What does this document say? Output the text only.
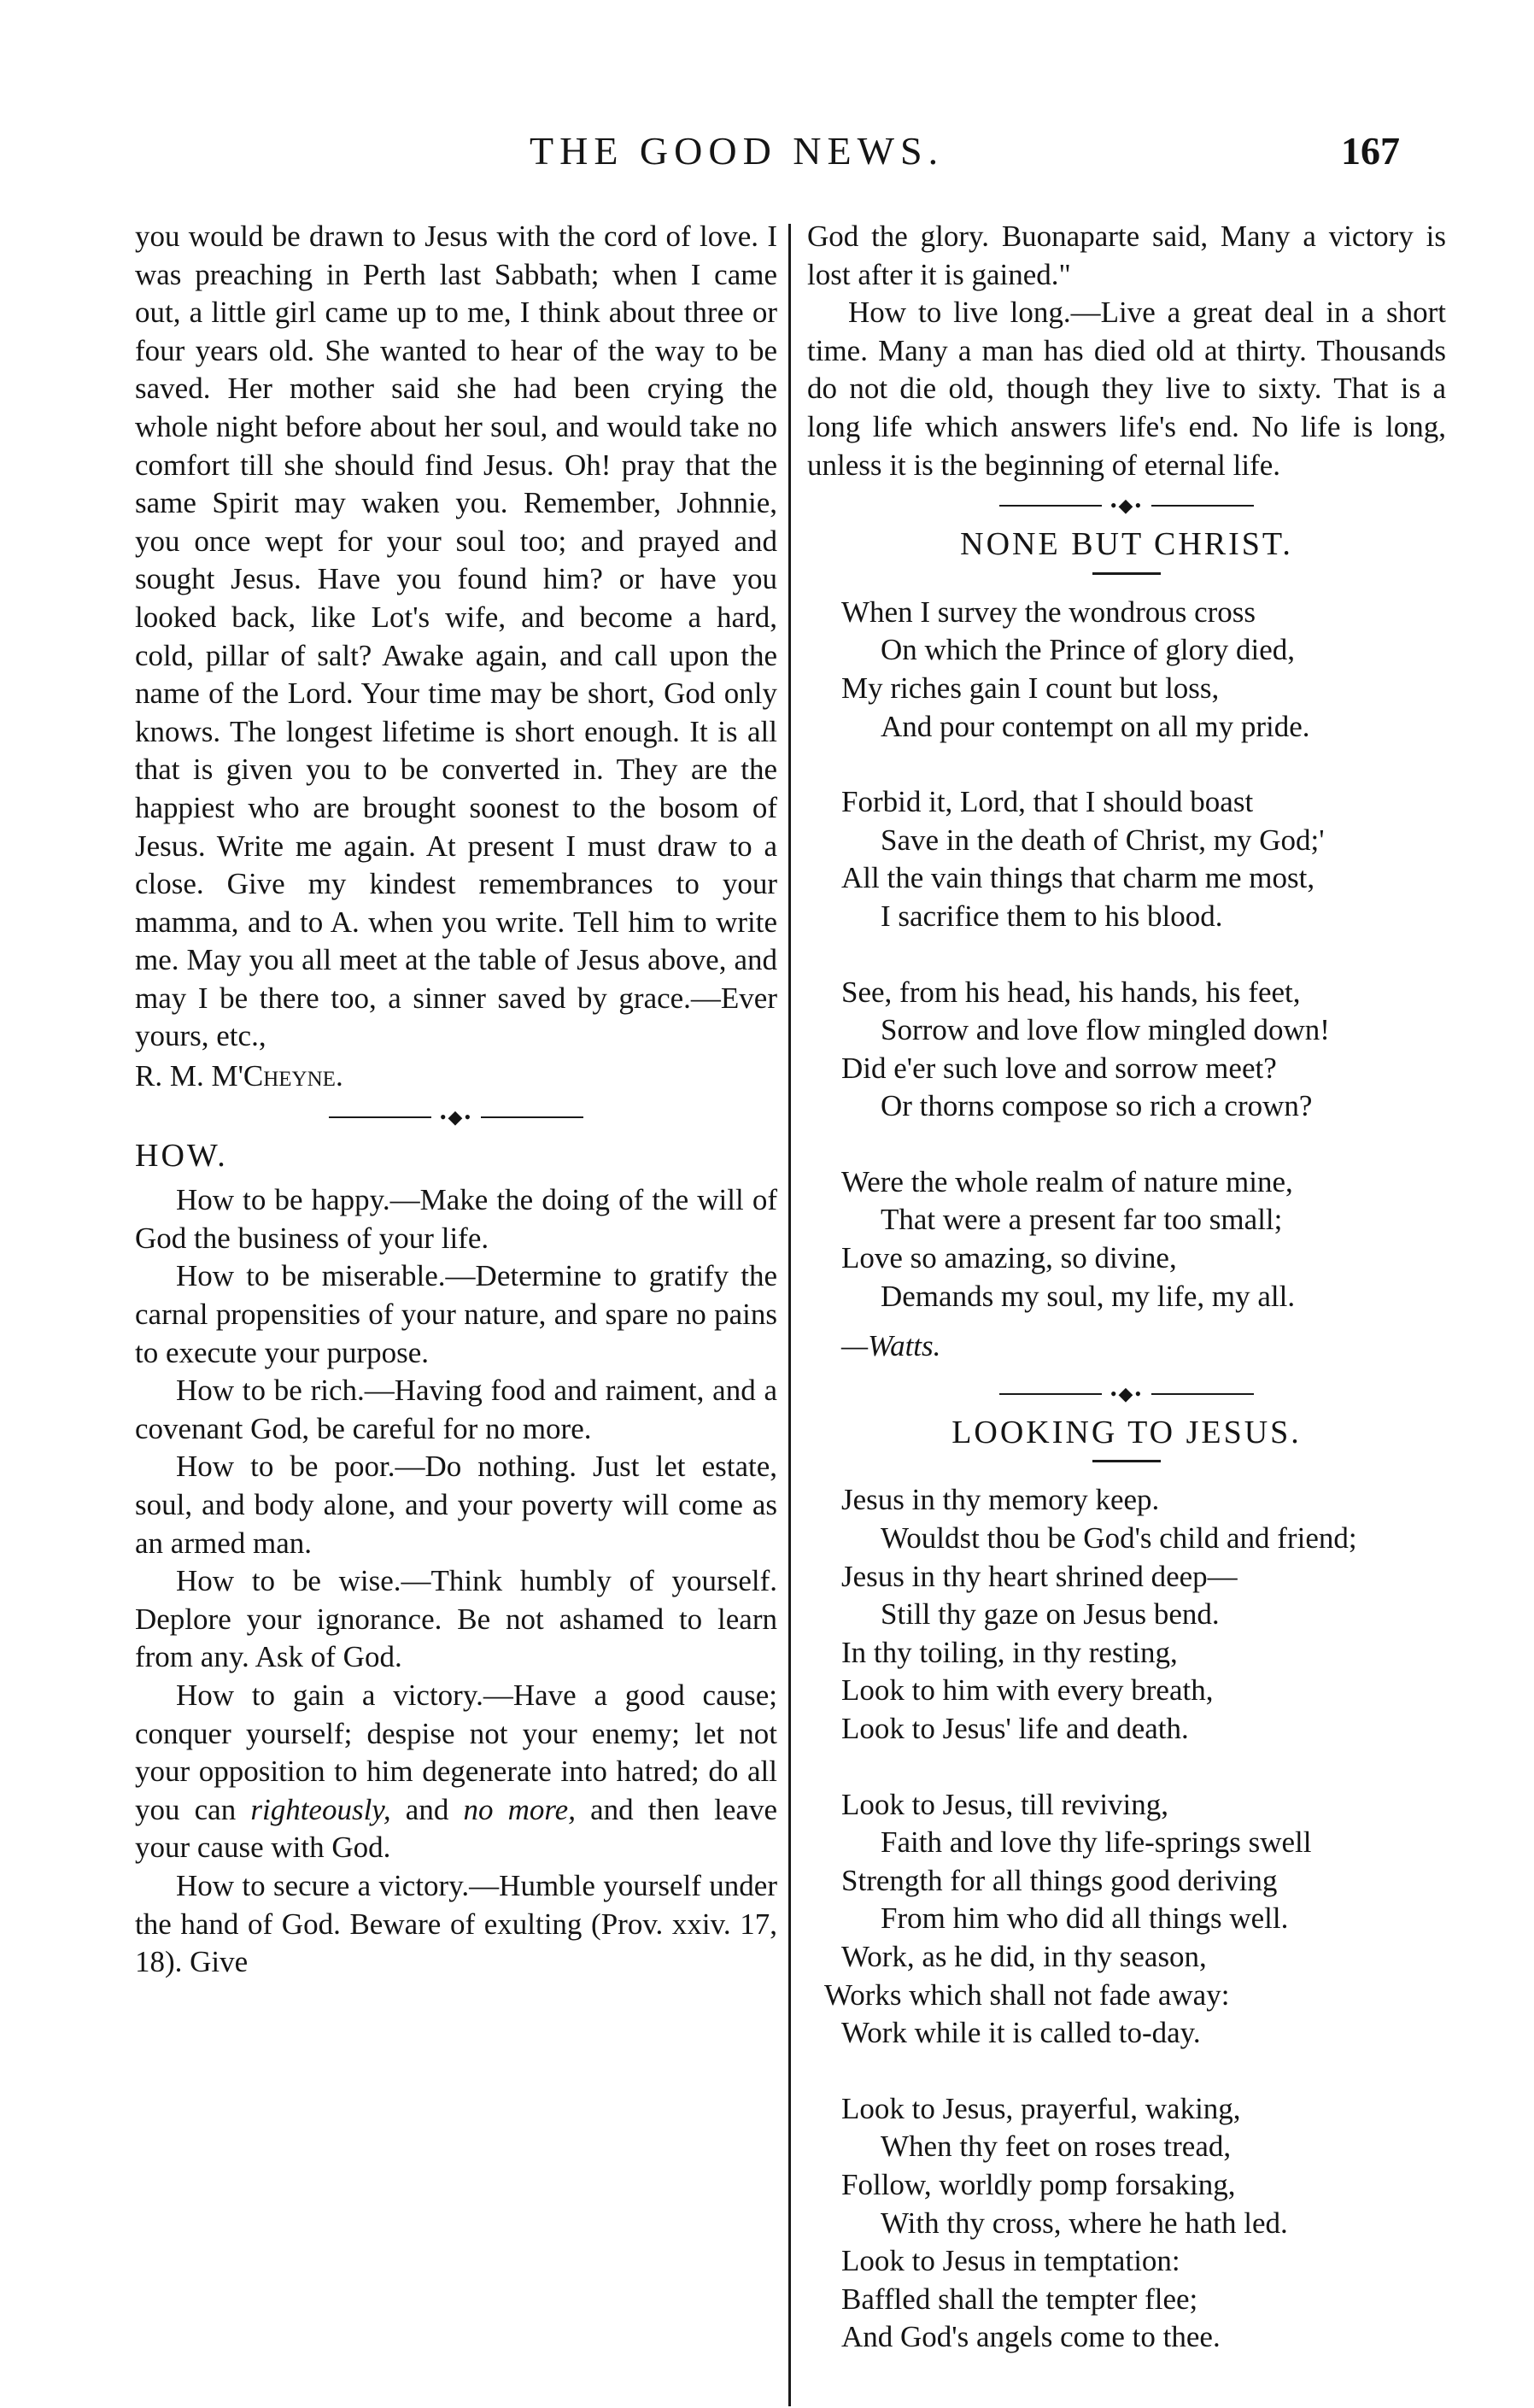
THE GOOD NEWS.	167

you would be drawn to Jesus with the cord of love. I was preaching in Perth last Sabbath; when I came out, a little girl came up to me, I think about three or four years old. She wanted to hear of the way to be saved. Her mother said she had been crying the whole night before about her soul, and would take no comfort till she should find Jesus. Oh! pray that the same Spirit may waken you. Remember, Johnnie, you once wept for your soul too; and prayed and sought Jesus. Have you found him? or have you looked back, like Lot's wife, and become a hard, cold, pillar of salt? Awake again, and call upon the name of the Lord. Your time may be short, God only knows. The longest lifetime is short enough. It is all that is given you to be converted in. They are the happiest who are brought soonest to the bosom of Jesus. Write me again. At present I must draw to a close. Give my kindest remembrances to your mamma, and to A. when you write. Tell him to write me. May you all meet at the table of Jesus above, and may I be there too, a sinner saved by grace.—Ever yours, etc.,

R. M. M'Cheyne.

•◆•

HOW.

How to be happy.—Make the doing of the will of God the business of your life.

How to be miserable.—Determine to gratify the carnal propensities of your nature, and spare no pains to execute your purpose.

How to be rich.—Having food and raiment, and a covenant God, be careful for no more.

How to be poor.—Do nothing. Just let estate, soul, and body alone, and your poverty will come as an armed man.

How to be wise.—Think humbly of yourself. Deplore your ignorance. Be not ashamed to learn from any. Ask of God.

How to gain a victory.—Have a good cause; conquer yourself; despise not your enemy; let not your opposition to him degenerate into hatred; do all you can righteously, and no more, and then leave your cause with God.

How to secure a victory.—Humble yourself under the hand of God. Beware of exulting (Prov. xxiv. 17, 18). Give

God the glory. Buonaparte said, Many a victory is lost after it is gained."

How to live long.—Live a great deal in a short time. Many a man has died old at thirty. Thousands do not die old, though they live to sixty. That is a long life which answers life's end. No life is long, unless it is the beginning of eternal life.

•◆•

NONE BUT CHRIST.

When I survey the wondrous cross

On which the Prince of glory died,

My riches gain I count but loss,

And pour contempt on all my pride.

Forbid it, Lord, that I should boast

Save in the death of Christ, my God;'

All the vain things that charm me most,

I sacrifice them to his blood.

See, from his head, his hands, his feet,

Sorrow and love flow mingled down!

Did e'er such love and sorrow meet?

Or thorns compose so rich a crown?

Were the whole realm of nature mine,

That were a present far too small;

Love so amazing, so divine,

Demands my soul, my life, my all.

—Watts.

•◆•

LOOKING TO JESUS.

Jesus in thy memory keep.

Wouldst thou be God's child and friend;

Jesus in thy heart shrined deep—

Still thy gaze on Jesus bend.

In thy toiling, in thy resting,

Look to him with every breath,

Look to Jesus' life and death.

Look to Jesus, till reviving,

Faith and love thy life-springs swell

Strength for all things good deriving

From him who did all things well.

Work, as he did, in thy season,

Works which shall not fade away:

Work while it is called to-day.

Look to Jesus, prayerful, waking,

When thy feet on roses tread,

Follow, worldly pomp forsaking,

With thy cross, where he hath led.

Look to Jesus in temptation:

Baffled shall the tempter flee;

And God's angels come to thee.
